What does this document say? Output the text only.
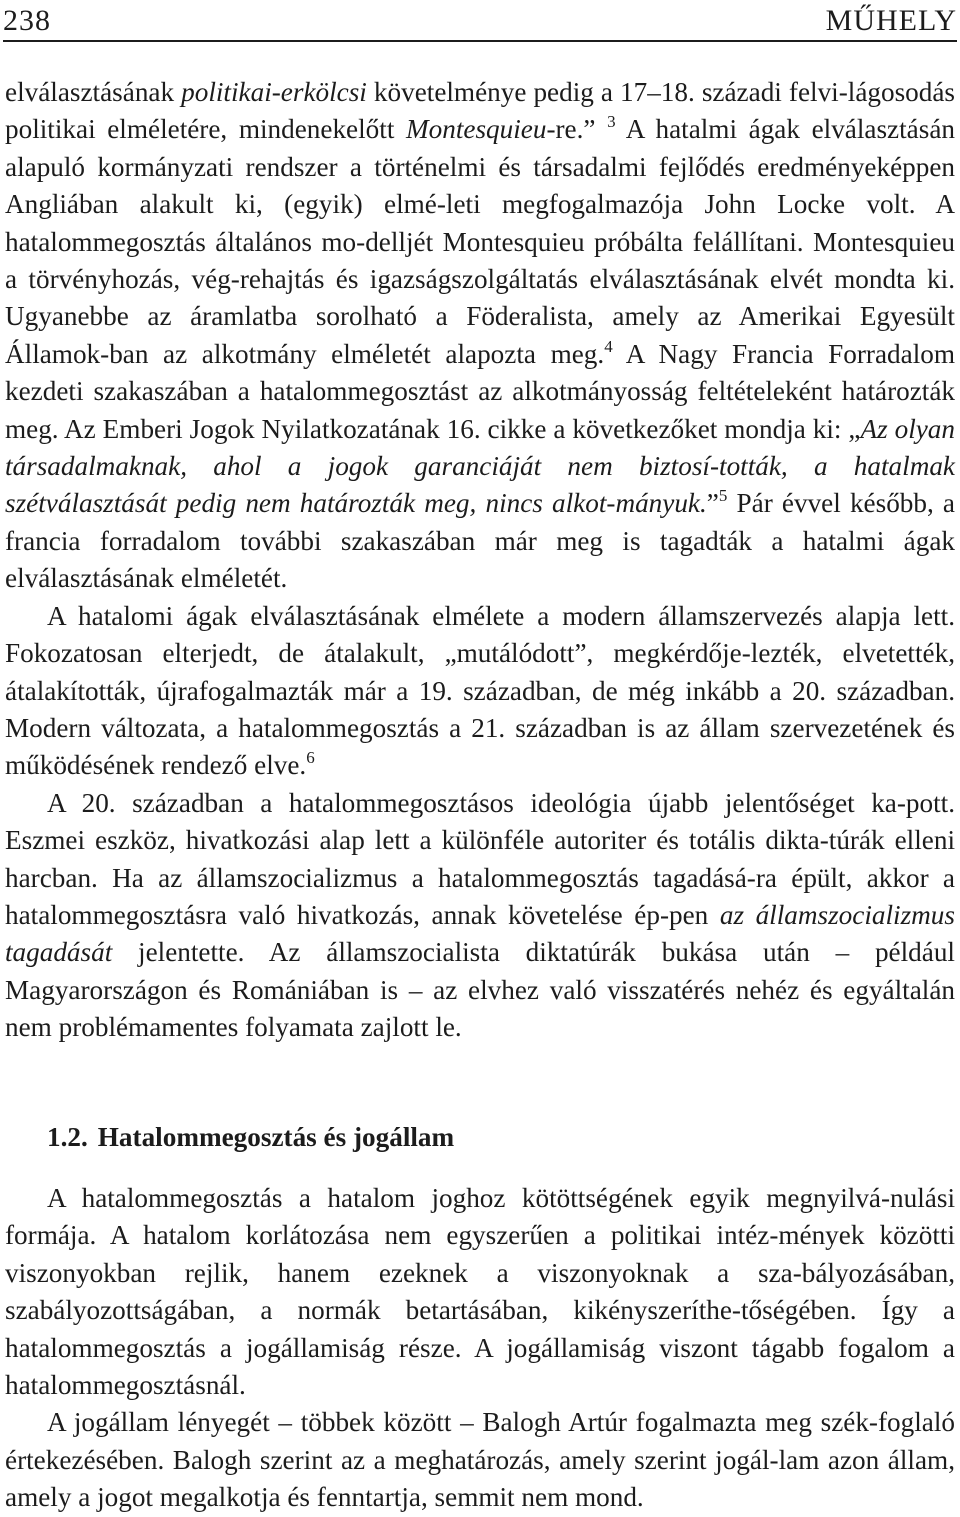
238	MŰHELY

elválasztásának politikai-erkölcsi követelménye pedig a 17–18. századi felvi-lágosodás politikai elméletére, mindenekelőtt Montesquieu-re.” $^3$ A hatalmi ágak elválasztásán alapuló kormányzati rendszer a történelmi és társadalmi fejlődés eredményeképpen Angliában alakult ki, (egyik) elmé-leti megfogalmazója John Locke volt. A hatalommegosztás általános mo-delljét Montesquieu próbálta felállítani. Montesquieu a törvényhozás, vég-rehajtás és igazságszolgáltatás elválasztásának elvét mondta ki. Ugyanebbe az áramlatba sorolható a Föderalista, amely az Amerikai Egyesült Államok-ban az alkotmány elméletét alapozta meg.$^4$ A Nagy Francia Forradalom kezdeti szakaszában a hatalommegosztást az alkotmányosság feltételeként határozták meg. Az Emberi Jogok Nyilatkozatának 16. cikke a következőket mondja ki: „Az olyan társadalmaknak, ahol a jogok garanciáját nem biztosí-tották, a hatalmak szétválasztását pedig nem határozták meg, nincs alkot-mányuk.”$^5$ Pár évvel később, a francia forradalom további szakaszában már meg is tagadták a hatalmi ágak elválasztásának elméletét.

A hatalomi ágak elválasztásának elmélete a modern államszervezés alapja lett. Fokozatosan elterjedt, de átalakult, „mutálódott”, megkérdője-lezték, elvetették, átalakították, újrafogalmazták már a 19. században, de még inkább a 20. században. Modern változata, a hatalommegosztás a 21. században is az állam szervezetének és működésének rendező elve.$^6$

A 20. században a hatalommegosztásos ideológia újabb jelentőséget ka-pott. Eszmei eszköz, hivatkozási alap lett a különféle autoriter és totális dikta-túrák elleni harcban. Ha az államszocializmus a hatalommegosztás tagadásá-ra épült, akkor a hatalommegosztásra való hivatkozás, annak követelése ép-pen az államszocializmus tagadását jelentette. Az államszocialista diktatúrák bukása után – például Magyarországon és Romániában is – az elvhez való visszatérés nehéz és egyáltalán nem problémamentes folyamata zajlott le.

1.2. Hatalommegosztás és jogállam

A hatalommegosztás a hatalom joghoz kötöttségének egyik megnyilvá-nulási formája. A hatalom korlátozása nem egyszerűen a politikai intéz-mények közötti viszonyokban rejlik, hanem ezeknek a viszonyoknak a sza-bályozásában, szabályozottságában, a normák betartásában, kikényszeríthe-tőségében. Így a hatalommegosztás a jogállamiság része. A jogállamiság viszont tágabb fogalom a hatalommegosztásnál.

A jogállam lényegét – többek között – Balogh Artúr fogalmazta meg szék-foglaló értekezésében. Balogh szerint az a meghatározás, amely szerint jogál-lam azon állam, amely a jogot megalkotja és fenntartja, semmit nem mond.
